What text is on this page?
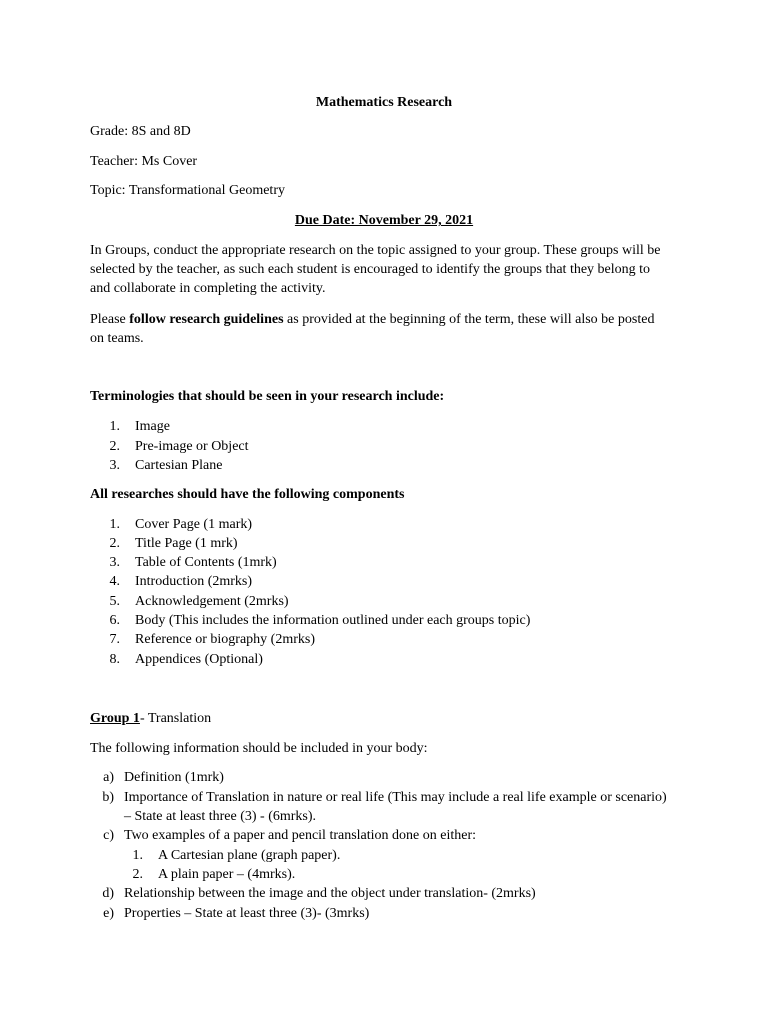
Mathematics Research

Grade: 8S and 8D

Teacher: Ms Cover

Topic: Transformational Geometry

Due Date: November 29, 2021

In Groups, conduct the appropriate research on the topic assigned to your group. These groups will be selected by the teacher, as such each student is encouraged to identify the groups that they belong to and collaborate in completing the activity.

Please follow research guidelines as provided at the beginning of the term, these will also be posted on teams.

Terminologies that should be seen in your research include:

1. Image
2. Pre-image or Object
3. Cartesian Plane

All researches should have the following components

1. Cover Page (1 mark)
2. Title Page (1 mrk)
3. Table of Contents (1mrk)
4. Introduction (2mrks)
5. Acknowledgement (2mrks)
6. Body (This includes the information outlined under each groups topic)
7. Reference or biography (2mrks)
8. Appendices (Optional)

Group 1- Translation

The following information should be included in your body:

a) Definition (1mrk)
b) Importance of Translation in nature or real life (This may include a real life example or scenario) – State at least three (3) - (6mrks).
c) Two examples of a paper and pencil translation done on either:
1. A Cartesian plane (graph paper).
2. A plain paper – (4mrks).
d) Relationship between the image and the object under translation- (2mrks)
e) Properties – State at least three (3)- (3mrks)
